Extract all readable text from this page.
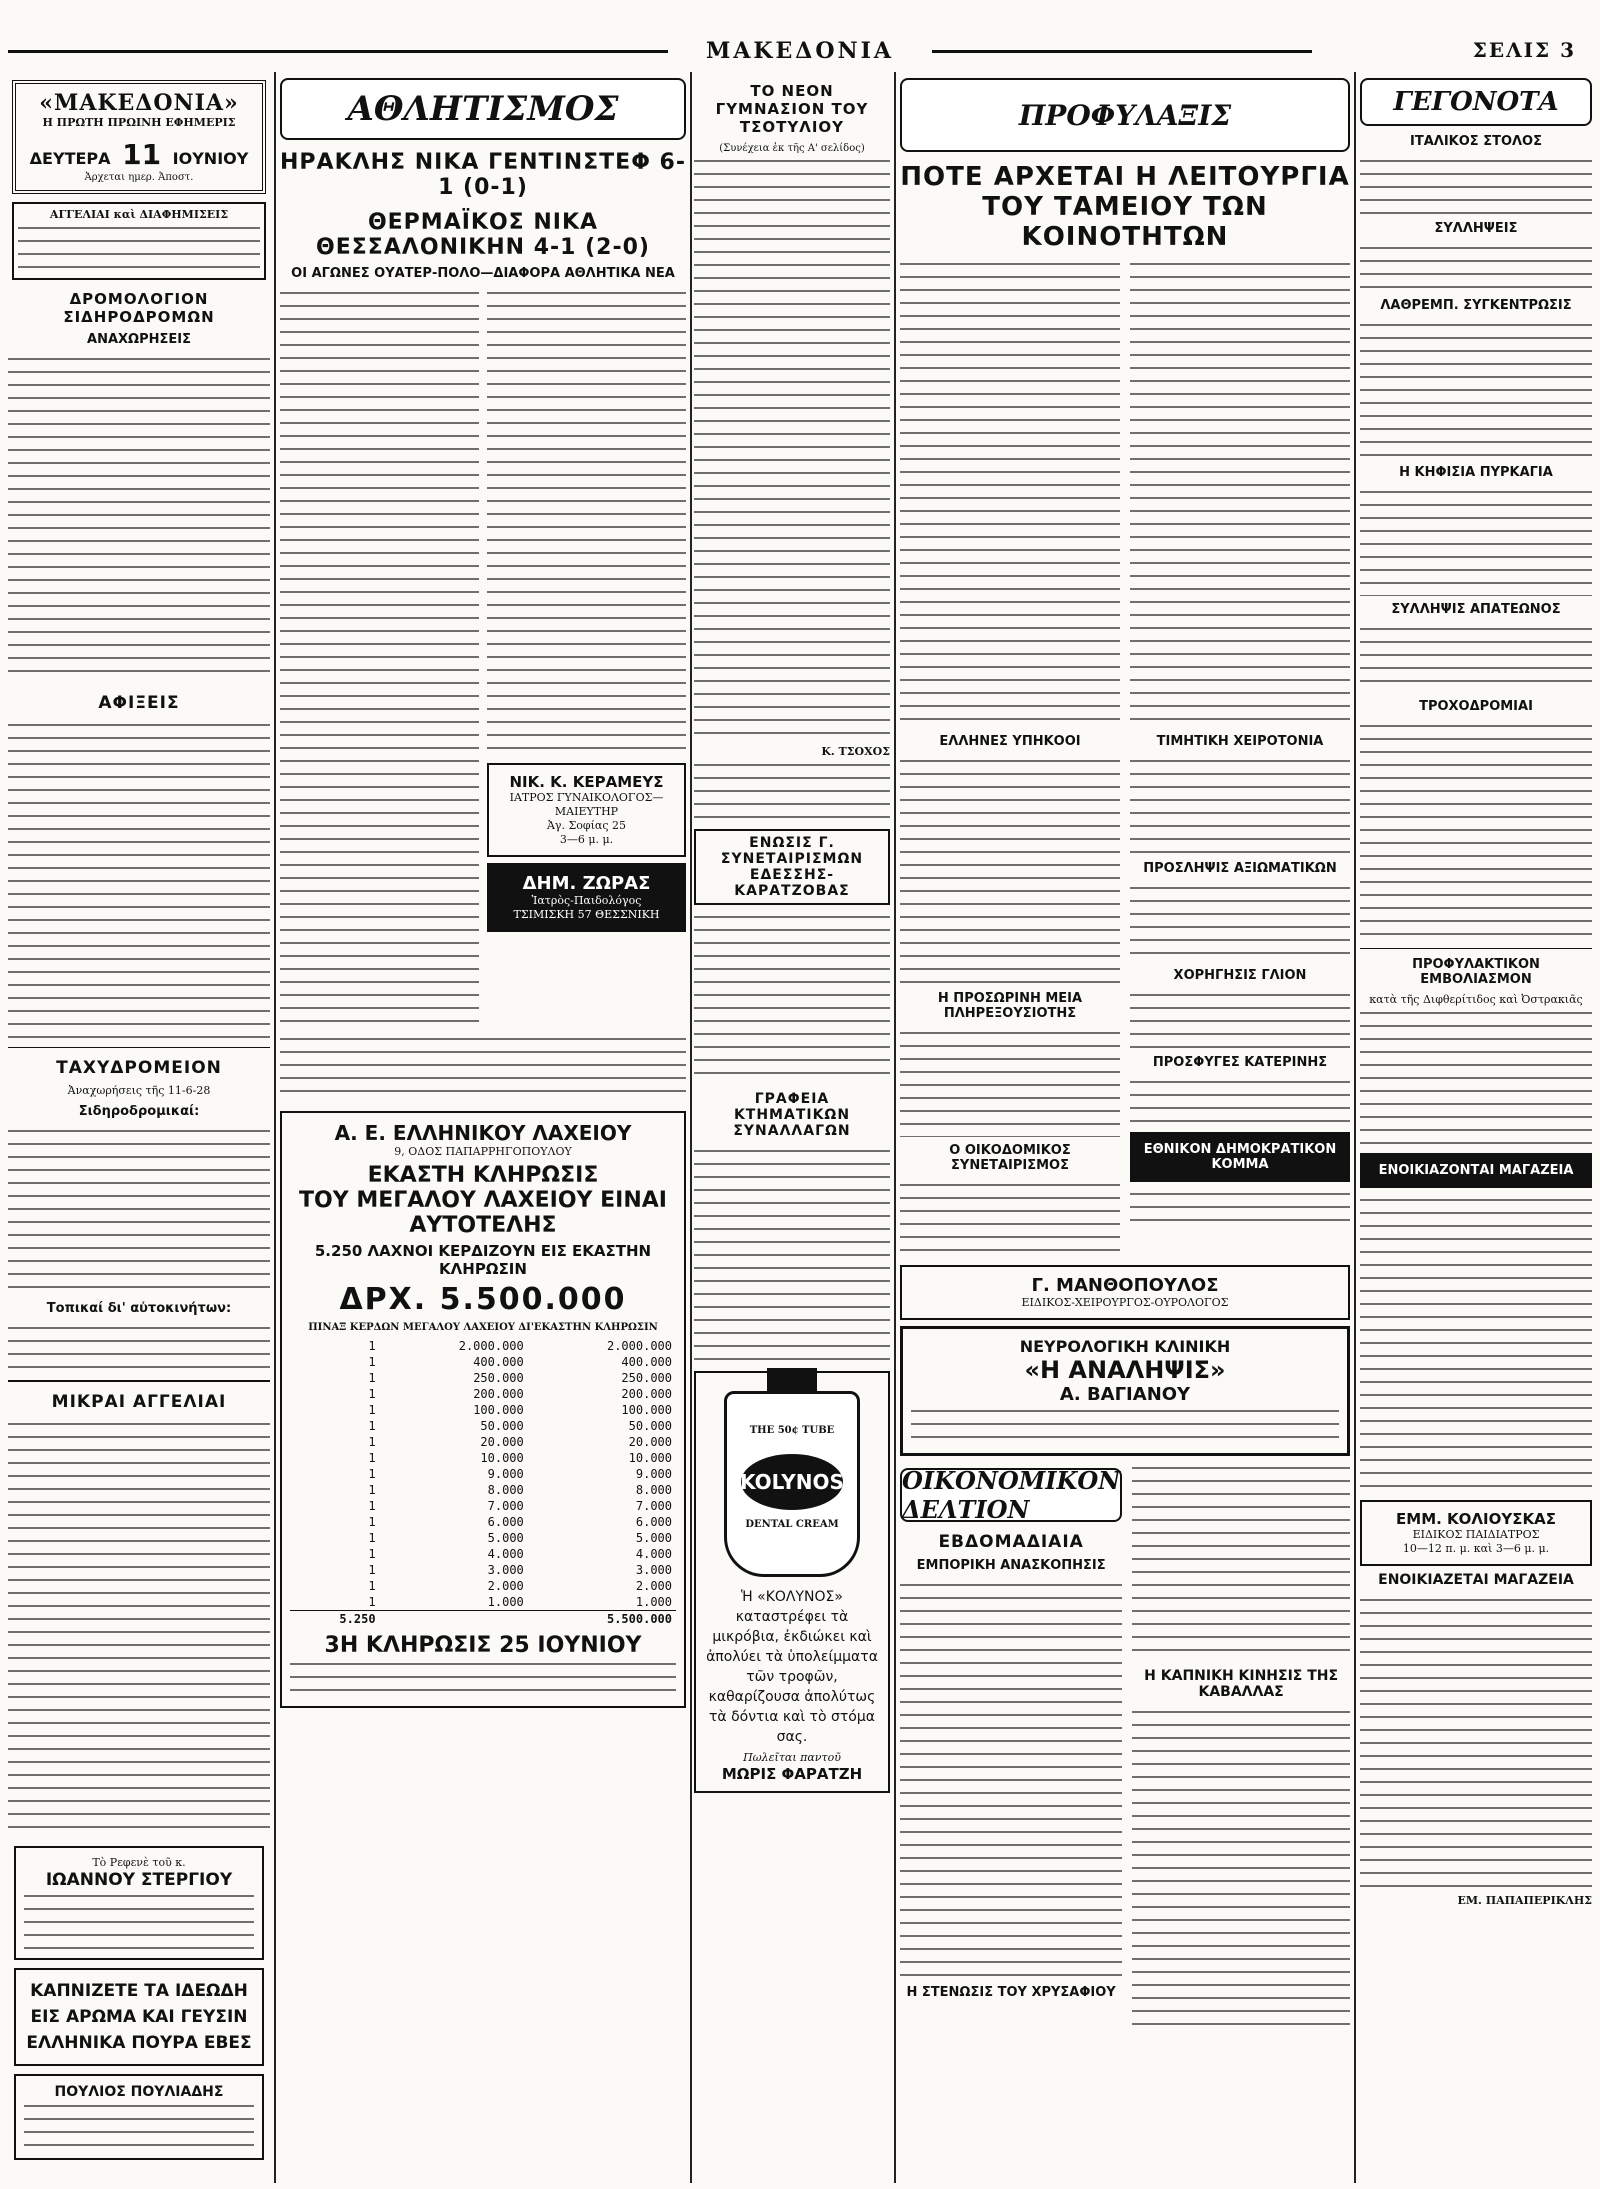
ΜΑΚΕΔΟΝΙΑ	ΣΕΛΙΣ 3
«ΜΑΚΕΔΟΝΙΑ»
Η ΠΡΩΤΗ ΠΡΩΙΝΗ ΕΦΗΜΕΡΙΣ
ΔΕΥΤΕΡΑ 11 ΙΟΥΝΙΟΥ
Ἀρχεται ημερ. Ἀποστ.
ΑΓΓΕΛΙΑΙ καὶ ΔΙΑΦΗΜΙΣΕΙΣ
ΔΡΟΜΟΛΟΓΙΟΝ ΣΙΔΗΡΟΔΡΟΜΩΝ
ΑΝΑΧΩΡΗΣΕΙΣ
ΑΦΙΞΕΙΣ
ΤΑΧΥΔΡΟΜΕΙΟΝ
Ἀναχωρήσεις τῆς 11-6-28
Σιδηροδρομικαί:
Τοπικαί δι' αὐτοκινήτων:
ΜΙΚΡΑΙ ΑΓΓΕΛΙΑΙ
Τὸ Ρεφενὲ τοῦ κ.
ΙΩΑΝΝΟΥ ΣΤΕΡΓΙΟΥ
ΚΑΠΝΙΖΕΤΕ ΤΑ ΙΔΕΩΔΗ ΕΙΣ ΑΡΩΜΑ ΚΑΙ ΓΕΥΣΙΝ ΕΛΛΗΝΙΚΑ ΠΟΥΡΑ ΕΒΕΣ
ΠΟΥΛΙΟΣ ΠΟΥΛΙΑΔΗΣ
ΑΘΛΗΤΙΣΜΟΣ
ΗΡΑΚΛΗΣ ΝΙΚΑ ΓΕΝΤΙΝΣΤΕΦ 6-1 (0-1)
ΘΕΡΜΑΪΚΟΣ ΝΙΚΑ ΘΕΣΣΑΛΟΝΙΚΗΝ 4-1 (2-0)
ΟΙ ΑΓΩΝΕΣ ΟΥΑΤΕΡ-ΠΟΛΟ—ΔΙΑΦΟΡΑ ΑΘΛΗΤΙΚΑ ΝΕΑ
ΝΙΚ. Κ. ΚΕΡΑΜΕΥΣ
ΙΑΤΡΟΣ ΓΥΝΑΙΚΟΛΟΓΟΣ—ΜΑΙΕΥΤΗΡ
Ἀγ. Σοφίας 25
3—6 μ. μ.
ΔΗΜ. ΖΩΡΑΣ
Ἰατρὸς-Παιδολόγος
ΤΣΙΜΙΣΚΗ 57 ΘΕΣΣΝΙΚΗ
Α. Ε. ΕΛΛΗΝΙΚΟΥ ΛΑΧΕΙΟΥ
9, ΟΔΟΣ ΠΑΠΑΡΡΗΓΟΠΟΥΛΟΥ
ΕΚΑΣΤΗ ΚΛΗΡΩΣΙΣ
ΤΟΥ ΜΕΓΑΛΟΥ ΛΑΧΕΙΟΥ ΕΙΝΑΙ ΑΥΤΟΤΕΛΗΣ
5.250 ΛΑΧΝΟΙ ΚΕΡΔΙΖΟΥΝ ΕΙΣ ΕΚΑΣΤΗΝ ΚΛΗΡΩΣΙΝ
ΔΡΧ. 5.500.000
ΠΙΝΑΞ ΚΕΡΔΩΝ ΜΕΓΑΛΟΥ ΛΑΧΕΙΟΥ ΔΙ'ΕΚΑΣΤΗΝ ΚΛΗΡΩΣΙΝ
1	2.000.000	2.000.000
1	400.000	400.000
1	250.000	250.000
1	200.000	200.000
1	100.000	100.000
1	50.000	50.000
1	20.000	20.000
1	10.000	10.000
1	9.000	9.000
1	8.000	8.000
1	7.000	7.000
1	6.000	6.000
1	5.000	5.000
1	4.000	4.000
1	3.000	3.000
1	2.000	2.000
1	1.000	1.000
5.250		5.500.000
3Η ΚΛΗΡΩΣΙΣ 25 ΙΟΥΝΙΟΥ
ΤΟ ΝΕΟΝ ΓΥΜΝΑΣΙΟΝ ΤΟΥ ΤΣΟΤΥΛΙΟΥ
(Συνέχεια ἐκ τῆς Α' σελίδος)
Κ. ΤΣΟΧΟΣ
ΕΝΩΣΙΣ Γ. ΣΥΝΕΤΑΙΡΙΣΜΩΝ ΕΔΕΣΣΗΣ-ΚΑΡΑΤΖΟΒΑΣ
ΓΡΑΦΕΙΑ ΚΤΗΜΑΤΙΚΩΝ ΣΥΝΑΛΛΑΓΩΝ
THE 50¢ TUBE
KOLYNOS
DENTAL CREAM
Ἡ «ΚΟΛΥΝΟΣ» καταστρέφει τὰ μικρόβια, ἐκδιώκει καὶ ἀπολύει τὰ ὑπολείμματα τῶν τροφῶν, καθαρίζουσα ἀπολύτως τὰ δόντια καὶ τὸ στόμα σας.
Πωλεῖται παντοῦ
ΜΩΡΙΣ ΦΑΡΑΤΖΗ
ΠΡΟΦΥΛΑΞΙΣ
ΠΟΤΕ ΑΡΧΕΤΑΙ Η ΛΕΙΤΟΥΡΓΙΑ ΤΟΥ ΤΑΜΕΙΟΥ ΤΩΝ ΚΟΙΝΟΤΗΤΩΝ
ΕΛΛΗΝΕΣ ΥΠΗΚΟΟΙ
Η ΠΡΟΣΩΡΙΝΗ ΜΕΙΑ ΠΛΗΡΕΞΟΥΣΙΟΤΗΣ
Ο ΟΙΚΟΔΟΜΙΚΟΣ ΣΥΝΕΤΑΙΡΙΣΜΟΣ
ΤΙΜΗΤΙΚΗ ΧΕΙΡΟΤΟΝΙΑ
ΠΡΟΣΛΗΨΙΣ ΑΞΙΩΜΑΤΙΚΩΝ
ΧΟΡΗΓΗΣΙΣ ΓΛΙΟΝ
ΠΡΟΣΦΥΓΕΣ ΚΑΤΕΡΙΝΗΣ
ΕΘΝΙΚΟΝ ΔΗΜΟΚΡΑΤΙΚΟΝ ΚΟΜΜΑ
Γ. ΜΑΝΘΟΠΟΥΛΟΣ
ΕΙΔΙΚΟΣ-ΧΕΙΡΟΥΡΓΟΣ-ΟΥΡΟΛΟΓΟΣ
ΝΕΥΡΟΛΟΓΙΚΗ ΚΛΙΝΙΚΗ
«Η ΑΝΑΛΗΨΙΣ»
Α. ΒΑΓΙΑΝΟΥ
ΟΙΚΟΝΟΜΙΚΟΝ ΔΕΛΤΙΟΝ
ΕΒΔΟΜΑΔΙΑΙΑ
ΕΜΠΟΡΙΚΗ ΑΝΑΣΚΟΠΗΣΙΣ
Η ΣΤΕΝΩΣΙΣ ΤΟΥ ΧΡΥΣΑΦΙΟΥ
Η ΚΑΠΝΙΚΗ ΚΙΝΗΣΙΣ ΤΗΣ ΚΑΒΑΛΛΑΣ
ΓΕΓΟΝΟΤΑ
ΙΤΑΛΙΚΟΣ ΣΤΟΛΟΣ
ΣΥΛΛΗΨΕΙΣ
ΛΑΘΡΕΜΠ. ΣΥΓΚΕΝΤΡΩΣΙΣ
Η ΚΗΦΙΣΙΑ ΠΥΡΚΑΓΙΑ
ΣΥΛΛΗΨΙΣ ΑΠΑΤΕΩΝΟΣ
ΤΡΟΧΟΔΡΟΜΙΑΙ
ΠΡΟΦΥΛΑΚΤΙΚΟΝ ΕΜΒΟΛΙΑΣΜΟΝ
κατὰ τῆς Διφθερίτιδος καὶ Ὀστρακιᾶς
ΕΝΟΙΚΙΑΖΟΝΤΑΙ ΜΑΓΑΖΕΙΑ
ΕΜΜ. ΚΟΛΙΟΥΣΚΑΣ
ΕΙΔΙΚΟΣ ΠΑΙΔΙΑΤΡΟΣ
10—12 π. μ. καὶ 3—6 μ. μ.
ΕΝΟΙΚΙΑΖΕΤΑΙ ΜΑΓΑΖΕΙΑ
ΕΜ. ΠΑΠΑΠΕΡΙΚΛΗΣ
